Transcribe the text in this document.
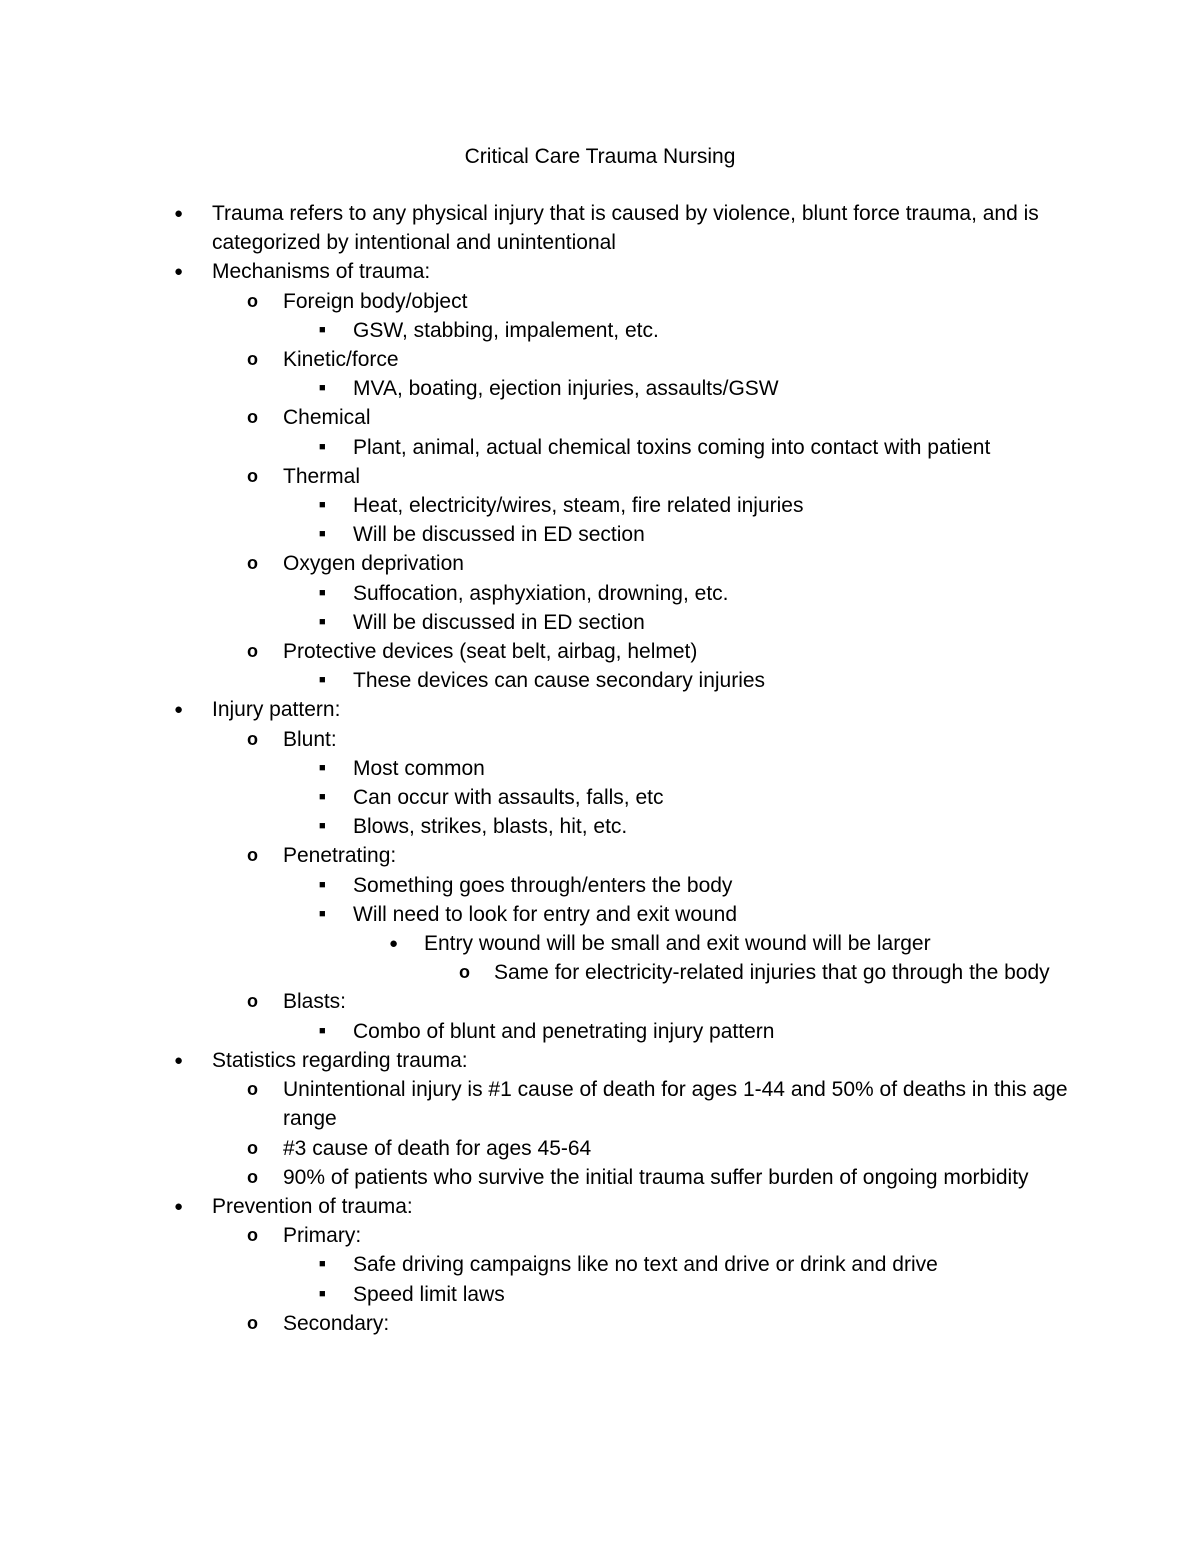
Critical Care Trauma Nursing
●	Trauma refers to any physical injury that is caused by violence, blunt force trauma, and is categorized by intentional and unintentional
●	Mechanisms of trauma:
o	Foreign body/object
■	GSW, stabbing, impalement, etc.
o	Kinetic/force
■	MVA, boating, ejection injuries, assaults/GSW
o	Chemical
■	Plant, animal, actual chemical toxins coming into contact with patient
o	Thermal
■	Heat, electricity/wires, steam, fire related injuries
■	Will be discussed in ED section
o	Oxygen deprivation
■	Suffocation, asphyxiation, drowning, etc.
■	Will be discussed in ED section
o	Protective devices (seat belt, airbag, helmet)
■	These devices can cause secondary injuries
●	Injury pattern:
o	Blunt:
■	Most common
■	Can occur with assaults, falls, etc
■	Blows, strikes, blasts, hit, etc.
o	Penetrating:
■	Something goes through/enters the body
■	Will need to look for entry and exit wound
●	Entry wound will be small and exit wound will be larger
o	Same for electricity-related injuries that go through the body
o	Blasts:
■	Combo of blunt and penetrating injury pattern
●	Statistics regarding trauma:
o	Unintentional injury is #1 cause of death for ages 1-44 and 50% of deaths in this age range
o	#3 cause of death for ages 45-64
o	90% of patients who survive the initial trauma suffer burden of ongoing morbidity
●	Prevention of trauma:
o	Primary:
■	Safe driving campaigns like no text and drive or drink and drive
■	Speed limit laws
o	Secondary:
